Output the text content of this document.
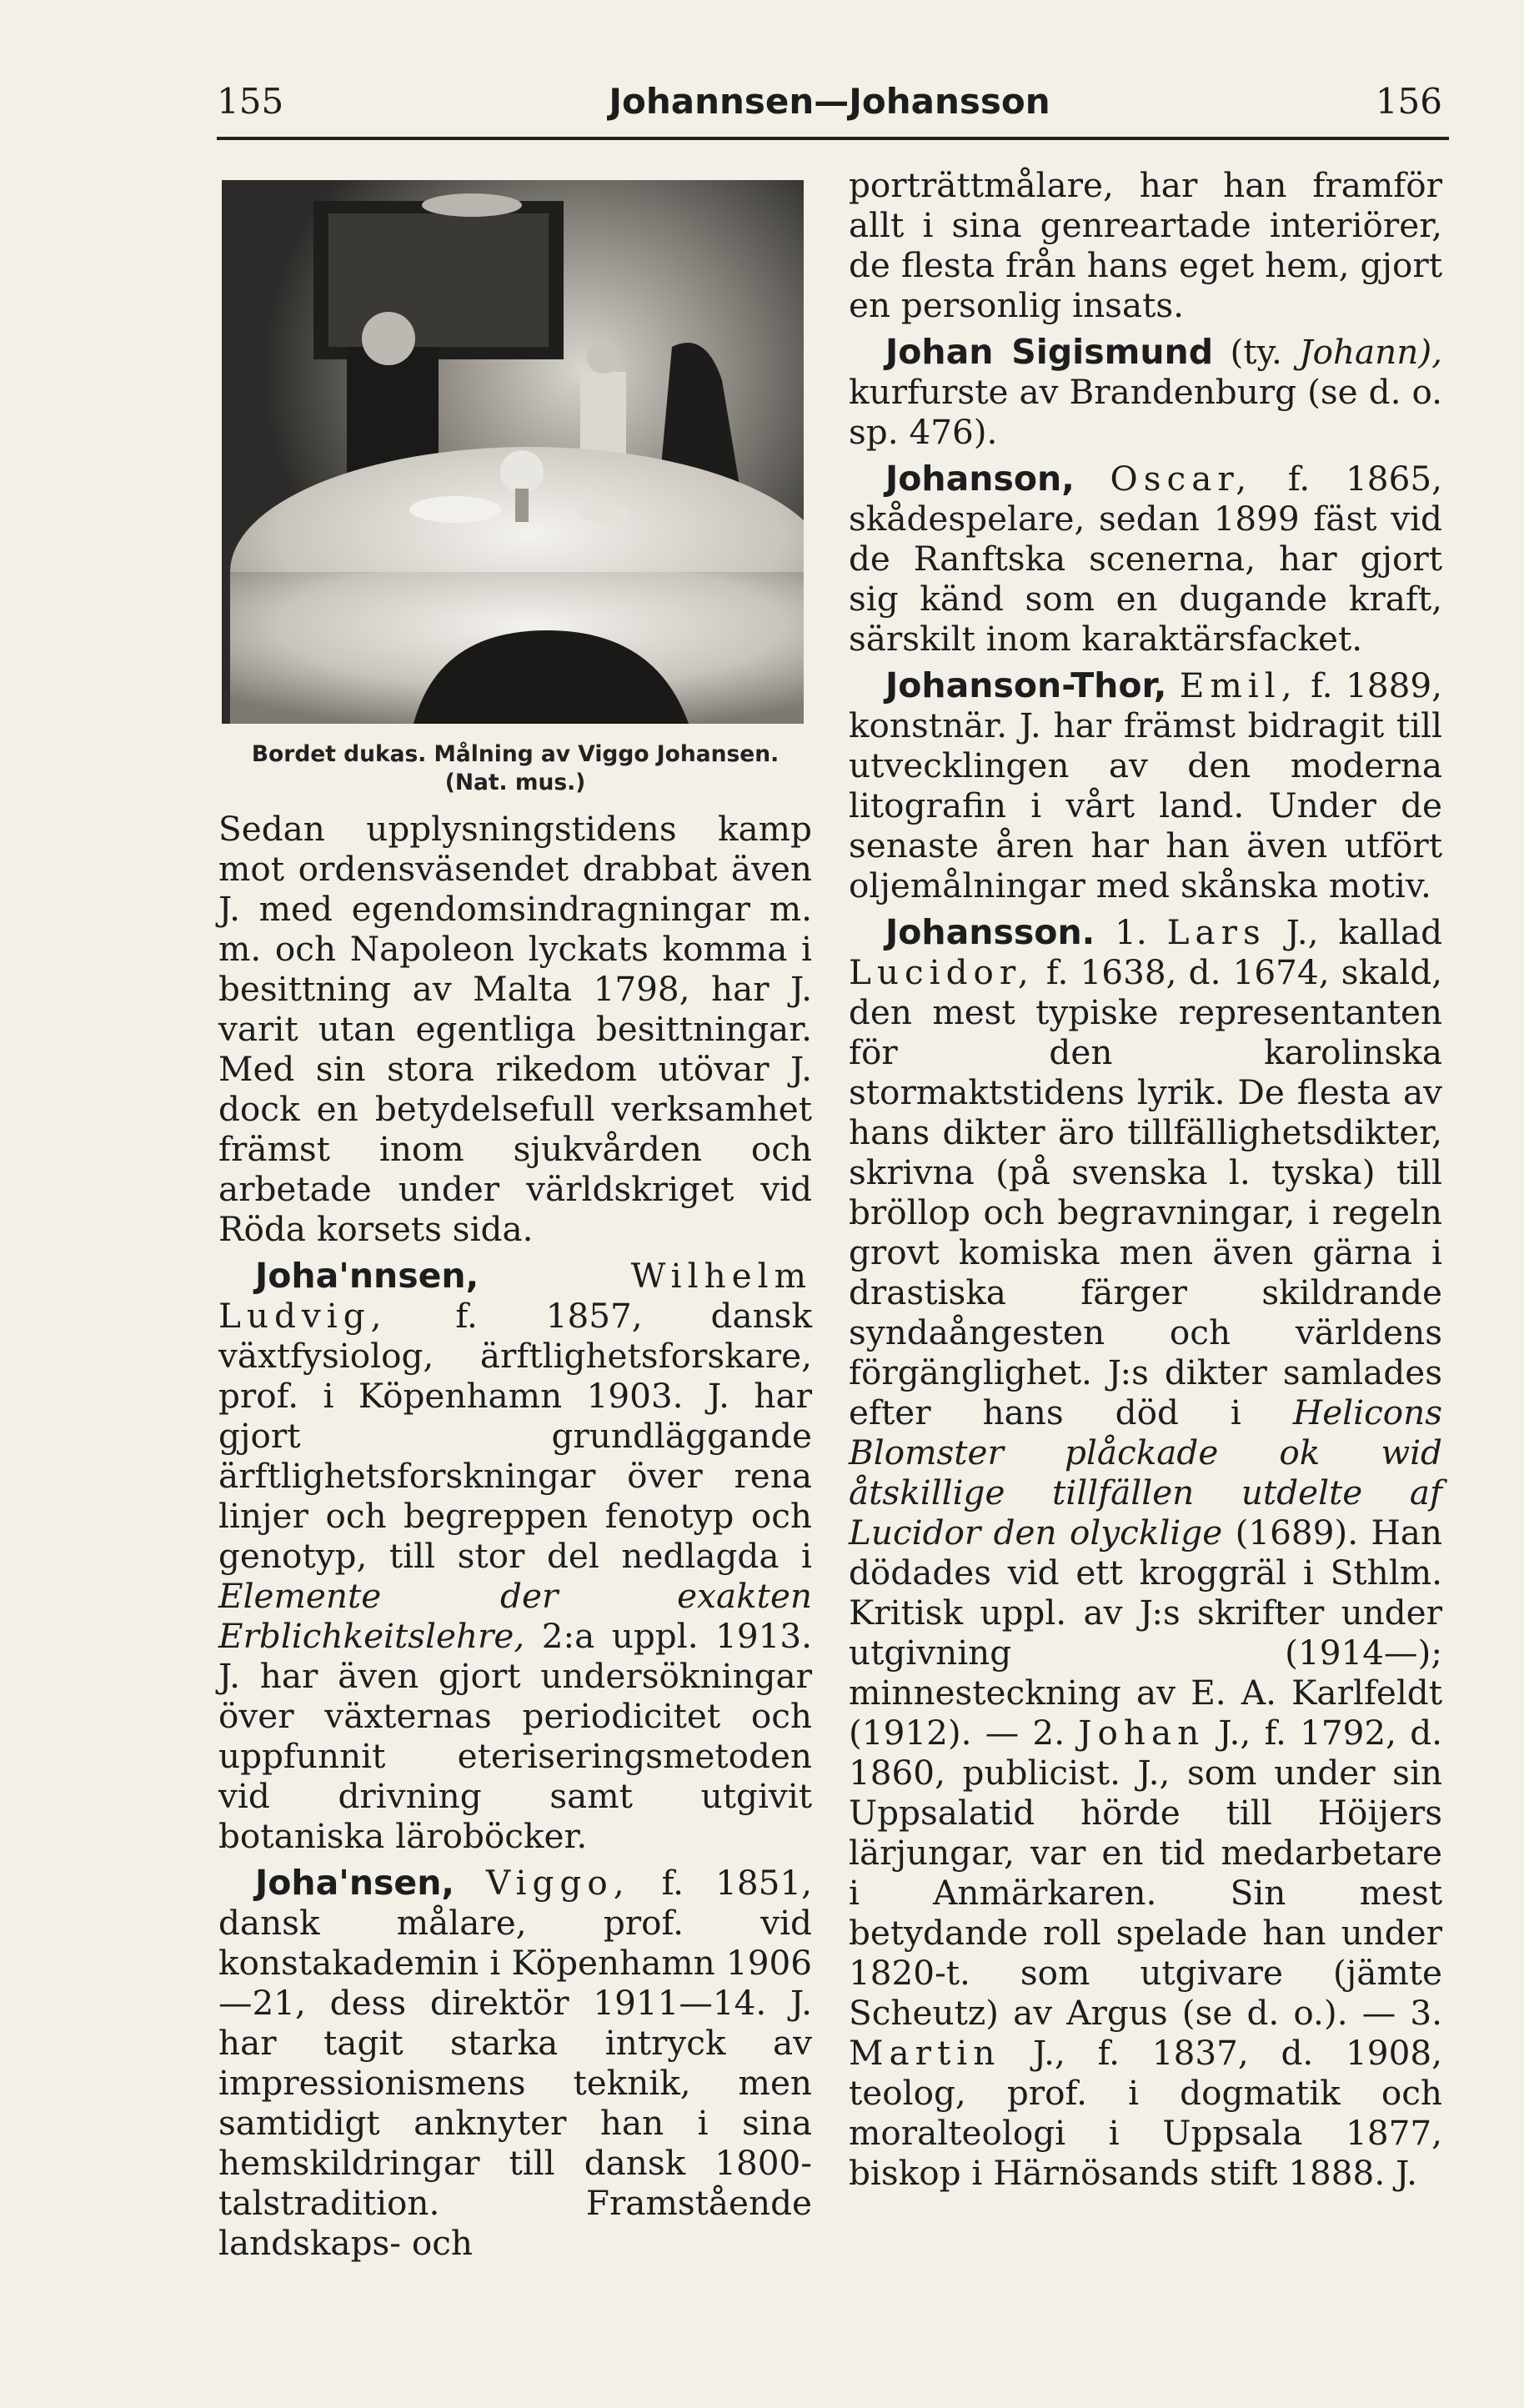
155	Johannsen—Johansson	156
Bordet dukas. Målning av Viggo Johansen. (Nat. mus.)

Sedan upplysningstidens kamp mot ordensväsendet drabbat även J. med egendomsindragningar m. m. och Napoleon lyckats komma i besittning av Malta 1798, har J. varit utan egentliga besittningar. Med sin stora rikedom utövar J. dock en betydelsefull verksamhet främst inom sjukvården och arbetade under världskriget vid Röda korsets sida.

Joha'nnsen,	Wilhelm Ludvig, f. 1857, dansk växtfysiolog, ärftlighetsforskare, prof. i Köpenhamn 1903. J. har gjort grundläggande ärftlighetsforskningar över rena linjer och begreppen fenotyp och genotyp, till stor del nedlagda i Elemente der exakten Erblichkeitslehre, 2:a uppl. 1913. J. har även gjort undersökningar över växternas periodicitet och uppfunnit eteriseringsmetoden vid drivning samt utgivit botaniska läroböcker.

Joha'nsen, Viggo, f. 1851, dansk målare, prof. vid konstakademin i Köpenhamn 1906—21, dess direktör 1911—14. J. har tagit starka intryck av impressionismens teknik, men samtidigt anknyter han i sina hemskildringar till dansk 1800-talstradition. Framstående landskaps- och

porträttmålare, har han framför allt i sina genreartade interiörer, de flesta från hans eget hem, gjort en personlig insats.

Johan Sigismund (ty. Johann), kurfurste av Brandenburg (se d. o. sp. 476).

Johanson, Oscar, f. 1865, skådespelare, sedan 1899 fäst vid de Ranftska scenerna, har gjort sig känd som en dugande kraft, särskilt inom karaktärsfacket.

Johanson-Thor, Emil, f. 1889, konstnär. J. har främst bidragit till utvecklingen av den moderna litografin i vårt land. Under de senaste åren har han även utfört oljemålningar med skånska motiv.

Johansson. 1. Lars J., kallad Lucidor, f. 1638, d. 1674, skald, den mest typiske representanten för den karolinska stormaktstidens lyrik. De flesta av hans dikter äro tillfällighetsdikter, skrivna (på svenska l. tyska) till bröllop och begravningar, i regeln grovt komiska men även gärna i drastiska färger skildrande syndaångesten och världens förgänglighet. J:s dikter samlades efter hans död i Helicons Blomster plåckade ok wid åtskillige tillfällen utdelte af Lucidor den olycklige (1689). Han dödades vid ett kroggräl i Sthlm. Kritisk uppl. av J:s skrifter under utgivning (1914—); minnesteckning av E. A. Karlfeldt (1912). — 2. Johan J., f. 1792, d. 1860, publicist. J., som under sin Uppsalatid hörde till Höijers lärjungar, var en tid medarbetare i Anmärkaren. Sin mest betydande roll spelade han under 1820-t. som utgivare (jämte Scheutz) av Argus (se d. o.). — 3. Martin J., f. 1837, d. 1908, teolog, prof. i dogmatik och moralteologi i Uppsala 1877, biskop i Härnösands stift 1888. J.
